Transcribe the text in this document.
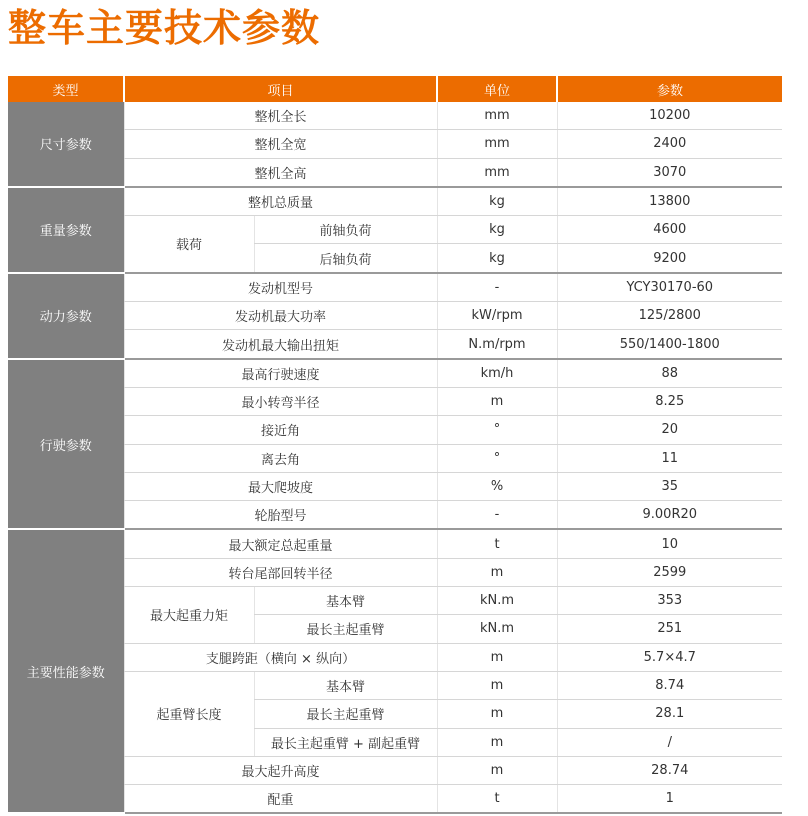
整车主要技术参数
类型	项目		单位	参数
尺寸参数	整机全长		mm	10200
	整机全宽		mm	2400
	整机全高		mm	3070
重量参数	整机总质量		kg	13800
	载荷	前轴负荷	kg	4600
		后轴负荷	kg	9200
动力参数	发动机型号		-	YCY30170-60
	发动机最大功率		kW/rpm	125/2800
	发动机最大输出扭矩		N.m/rpm	550/1400-1800
行驶参数	最高行驶速度		km/h	88
	最小转弯半径		m	8.25
	接近角		°	20
	离去角		°	11
	最大爬坡度		%	35
	轮胎型号		-	9.00R20
主要性能参数	最大额定总起重量		t	10
	转台尾部回转半径		m	2599
	最大起重力矩	基本臂	kN.m	353
		最长主起重臂	kN.m	251
	支腿跨距（横向 × 纵向）		m	5.7×4.7
	起重臂长度	基本臂	m	8.74
		最长主起重臂	m	28.1
		最长主起重臂 + 副起重臂	m	/
	最大起升高度		m	28.74
	配重		t	1
